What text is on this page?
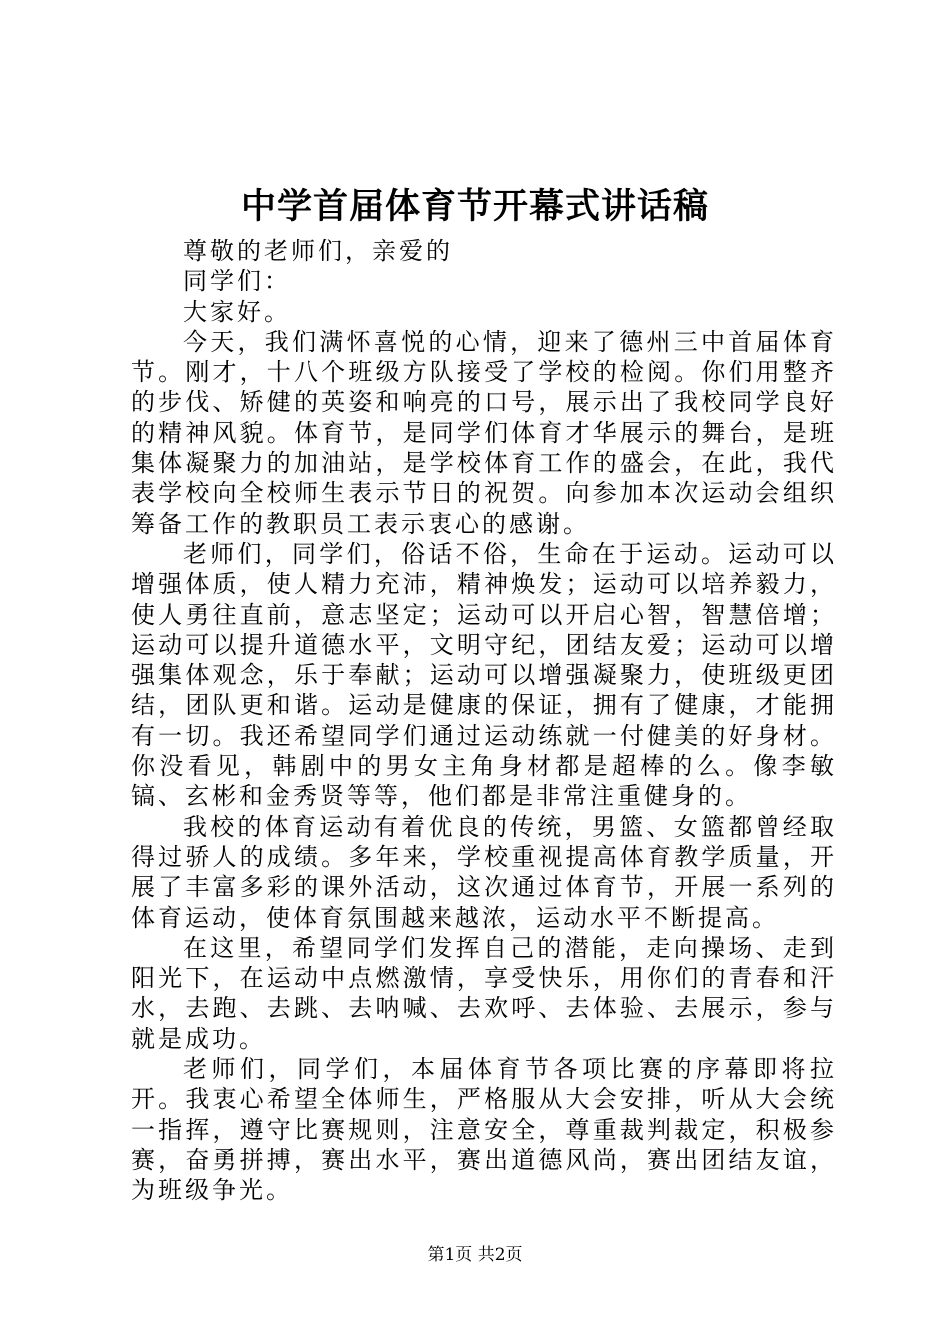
中学首届体育节开幕式讲话稿

尊敬的老师们，亲爱的

同学们：

大家好。

今天，我们满怀喜悦的心情，迎来了德州三中首届体育节。刚才，十八个班级方队接受了学校的检阅。你们用整齐的步伐、矫健的英姿和响亮的口号，展示出了我校同学良好的精神风貌。体育节，是同学们体育才华展示的舞台，是班集体凝聚力的加油站，是学校体育工作的盛会，在此，我代表学校向全校师生表示节日的祝贺。向参加本次运动会组织筹备工作的教职员工表示衷心的感谢。

老师们，同学们，俗话不俗，生命在于运动。运动可以增强体质，使人精力充沛，精神焕发；运动可以培养毅力，使人勇往直前，意志坚定；运动可以开启心智，智慧倍增；运动可以提升道德水平，文明守纪，团结友爱；运动可以增强集体观念，乐于奉献；运动可以增强凝聚力，使班级更团结，团队更和谐。运动是健康的保证，拥有了健康，才能拥有一切。我还希望同学们通过运动练就一付健美的好身材。你没看见，韩剧中的男女主角身材都是超棒的么。像李敏镐、玄彬和金秀贤等等，他们都是非常注重健身的。

我校的体育运动有着优良的传统，男篮、女篮都曾经取得过骄人的成绩。多年来，学校重视提高体育教学质量，开展了丰富多彩的课外活动，这次通过体育节，开展一系列的体育运动，使体育氛围越来越浓，运动水平不断提高。

在这里，希望同学们发挥自己的潜能，走向操场、走到阳光下，在运动中点燃激情，享受快乐，用你们的青春和汗水，去跑、去跳、去呐喊、去欢呼、去体验、去展示，参与就是成功。

老师们，同学们，本届体育节各项比赛的序幕即将拉开。我衷心希望全体师生，严格服从大会安排，听从大会统一指挥，遵守比赛规则，注意安全，尊重裁判裁定，积极参赛，奋勇拼搏，赛出水平，赛出道德风尚，赛出团结友谊，为班级争光。

第1页 共2页
